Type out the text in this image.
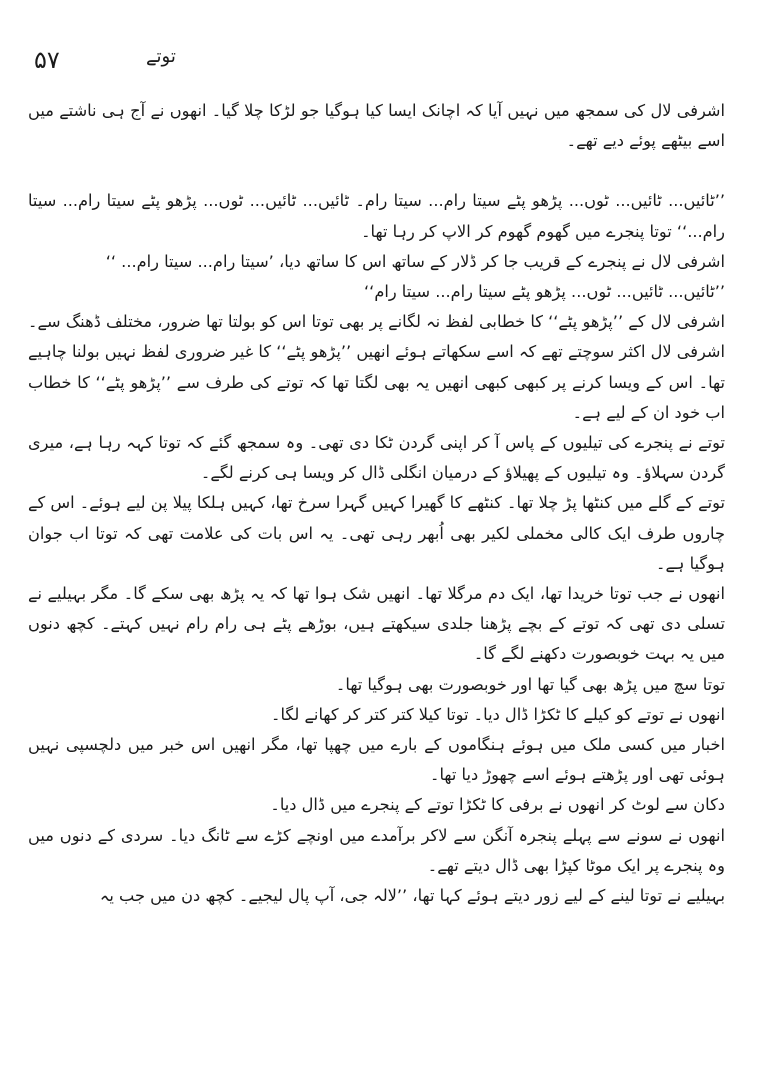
۵۷	توتے

اشرفی لال کی سمجھ میں نہیں آیا کہ اچانک ایسا کیا ہوگیا جو لڑکا چلا گیا۔ انھوں نے آج ہی ناشتے میں اسے بیٹھے پوئے دیے تھے۔

’’ٹائیں... ٹائیں... ٹوں... پڑھو پٹے سیتا رام... سیتا رام۔ ٹائیں... ٹائیں... ٹوں... پڑھو پٹے سیتا رام... سیتا رام...‘‘ توتا پنجرے میں گھوم گھوم کر الاپ کر رہا تھا۔

اشرفی لال نے پنجرے کے قریب جا کر ڈلار کے ساتھ اس کا ساتھ دیا، ’سیتا رام... سیتا رام... ‘‘

’’ٹائیں... ٹائیں... ٹوں... پڑھو پٹے سیتا رام... سیتا رام‘‘

اشرفی لال کے ’’پڑھو پٹے‘‘ کا خطابی لفظ نہ لگانے پر بھی توتا اس کو بولتا تھا ضرور، مختلف ڈھنگ سے۔ اشرفی لال اکثر سوچتے تھے کہ اسے سکھاتے ہوئے انھیں ’’پڑھو پٹے‘‘ کا غیر ضروری لفظ نہیں بولنا چاہیے تھا۔ اس کے ویسا کرنے پر کبھی کبھی انھیں یہ بھی لگتا تھا کہ توتے کی طرف سے ’’پڑھو پٹے‘‘ کا خطاب اب خود ان کے لیے ہے۔

توتے نے پنجرے کی تیلیوں کے پاس آ کر اپنی گردن ٹکا دی تھی۔ وہ سمجھ گئے کہ توتا کہہ رہا ہے، میری گردن سہلاؤ۔ وہ تیلیوں کے پھیلاؤ کے درمیان انگلی ڈال کر ویسا ہی کرنے لگے۔

توتے کے گلے میں کنٹھا پڑ چلا تھا۔ کنٹھے کا گھیرا کہیں گہرا سرخ تھا، کہیں ہلکا پیلا پن لیے ہوئے۔ اس کے چاروں طرف ایک کالی مخملی لکیر بھی اُبھر رہی تھی۔ یہ اس بات کی علامت تھی کہ توتا اب جوان ہوگیا ہے۔

انھوں نے جب توتا خریدا تھا، ایک دم مرگلا تھا۔ انھیں شک ہوا تھا کہ یہ پڑھ بھی سکے گا۔ مگر بہیلیے نے تسلی دی تھی کہ توتے کے بچے پڑھنا جلدی سیکھتے ہیں، بوڑھے پٹے ہی رام رام نہیں کہتے۔ کچھ دنوں میں یہ بہت خوبصورت دکھنے لگے گا۔

توتا سچ میں پڑھ بھی گیا تھا اور خوبصورت بھی ہوگیا تھا۔

انھوں نے توتے کو کیلے کا ٹکڑا ڈال دیا۔ توتا کیلا کتر کتر کر کھانے لگا۔

اخبار میں کسی ملک میں ہوئے ہنگاموں کے بارے میں چھپا تھا، مگر انھیں اس خبر میں دلچسپی نہیں ہوئی تھی اور پڑھتے ہوئے اسے چھوڑ دیا تھا۔

دکان سے لوٹ کر انھوں نے برفی کا ٹکڑا توتے کے پنجرے میں ڈال دیا۔

انھوں نے سونے سے پہلے پنجرہ آنگن سے لاکر برآمدے میں اونچے کڑے سے ٹانگ دیا۔ سردی کے دنوں میں وہ پنجرے پر ایک موٹا کپڑا بھی ڈال دیتے تھے۔

بہیلیے نے توتا لینے کے لیے زور دیتے ہوئے کہا تھا، ’’لالہ جی، آپ پال لیجیے۔ کچھ دن میں جب یہ
